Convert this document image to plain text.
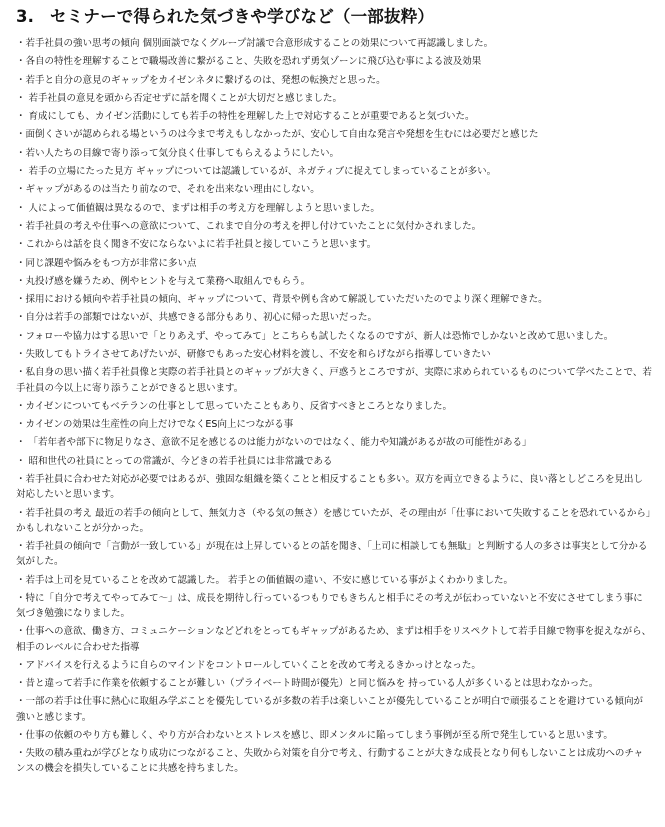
3. セミナーで得られた気づきや学びなど（一部抜粋）
・若手社員の強い思考の傾向 個別面談でなくグループ討議で合意形成することの効果について再認識しました。
・各自の特性を理解することで職場改善に繋がること、失敗を恐れず勇気ゾーンに飛び込む事による波及効果
・若手と自分の意見のギャップをカイゼンネタに繋げるのは、発想の転換だと思った。
・ 若手社員の意見を頭から否定せずに話を聞くことが大切だと感じました。
・ 育成にしても、カイゼン活動にしても若手の特性を理解した上で対応することが重要であると気づいた。
・面倒くさいが認められる場というのは今まで考えもしなかったが、安心して自由な発言や発想を生むには必要だと感じた
・若い人たちの目線で寄り添って気分良く仕事してもらえるようにしたい。
・ 若手の立場にたった見方 ギャップについては認識しているが、ネガティブに捉えてしまっていることが多い。
・ギャップがあるのは当たり前なので、それを出来ない理由にしない。
・ 人によって価値観は異なるので、まずは相手の考え方を理解しようと思いました。
・若手社員の考えや仕事への意欲について、これまで自分の考えを押し付けていたことに気付かされました。
・これからは話を良く聞き不安にならないよに若手社員と接していこうと思います。
・同じ課題や悩みをもつ方が非常に多い点
・丸投げ感を嫌うため、例やヒントを与えて業務へ取組んでもらう。
・採用における傾向や若手社員の傾向、ギャップについて、背景や例も含めて解説していただいたのでより深く理解できた。
・自分は若手の部類ではないが、共感できる部分もあり、初心に帰った思いだった。
・フォローや協力はする思いで「とりあえず、やってみて」とこちらも試したくなるのですが、新人は恐怖でしかないと改めて思いました。
・失敗してもトライさせてあげたいが、研修でもあった安心材料を渡し、不安を和らげながら指導していきたい
・私自身の思い描く若手社員像と実際の若手社員とのギャップが大きく、戸惑うところですが、実際に求められているものについて学べたことで、若手社員の今以上に寄り添うことができると思います。
・カイゼンについてもベテランの仕事として思っていたこともあり、反省すべきところとなりました。
・カイゼンの効果は生産性の向上だけでなくES向上につながる事
・ 「若年者や部下に物足りなさ、意欲不足を感じるのは能力がないのではなく、能力や知識があるが故の可能性がある」
・ 昭和世代の社員にとっての常識が、今どきの若手社員には非常識である
・若手社員に合わせた対応が必要ではあるが、強固な組織を築くことと相反することも多い。双方を両立できるように、良い落としどころを見出し対応したいと思います。
・若手社員の考え 最近の若手の傾向として、無気力さ（やる気の無さ）を感じていたが、その理由が「仕事において失敗することを恐れているから」かもしれないことが分かった。
・若手社員の傾向で「言動が一致している」が現在は上昇しているとの話を聞き、「上司に相談しても無駄」と判断する人の多さは事実として分かる気がした。
・若手は上司を見ていることを改めて認識した。 若手との価値観の違い、不安に感じている事がよくわかりました。
・特に「自分で考えてやってみて～」は、成長を期待し行っているつもりでもきちんと相手にその考えが伝わっていないと不安にさせてしまう事に気づき勉強になりました。
・仕事への意欲、働き方、コミュニケーションなどどれをとってもギャップがあるため、まずは相手をリスペクトして若手目線で物事を捉えながら、相手のレベルに合わせた指導
・アドバイスを行えるように自らのマインドをコントロールしていくことを改めて考えるきかっけとなった。
・昔と違って若手に作業を依頼することが難しい（プライベート時間が優先）と同じ悩みを 持っている人が多くいるとは思わなかった。
・一部の若手は仕事に熱心に取組み学ぶことを優先しているが多数の若手は楽しいことが優先していることが明白で頑張ることを避けている傾向が強いと感じます。
・仕事の依頼のやり方も難しく、やり方が合わないとストレスを感じ、即メンタルに陥ってしまう事例が至る所で発生していると思います。
・失敗の積み重ねが学びとなり成功につながること、失敗から対策を自分で考え、行動することが大きな成長となり何もしないことは成功へのチャンスの機会を損失していることに共感を持ちました。
